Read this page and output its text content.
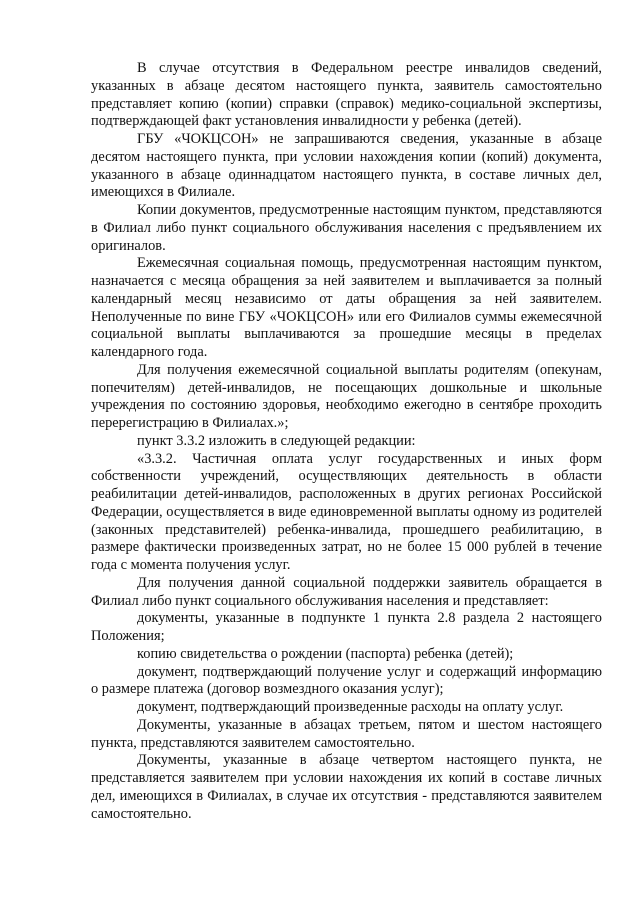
В случае отсутствия в Федеральном реестре инвалидов сведений, указанных в абзаце десятом настоящего пункта, заявитель самостоятельно представляет копию (копии) справки (справок) медико-социальной экспертизы, подтверждающей факт установления инвалидности у ребенка (детей).

ГБУ «ЧОКЦСОН» не запрашиваются сведения, указанные в абзаце десятом настоящего пункта, при условии нахождения копии (копий) документа, указанного в абзаце одиннадцатом настоящего пункта, в составе личных дел, имеющихся в Филиале.

Копии документов, предусмотренные настоящим пунктом, представляются в Филиал либо пункт социального обслуживания населения с предъявлением их оригиналов.

Ежемесячная социальная помощь, предусмотренная настоящим пунктом, назначается с месяца обращения за ней заявителем и выплачивается за полный календарный месяц независимо от даты обращения за ней заявителем. Неполученные по вине ГБУ «ЧОКЦСОН» или его Филиалов суммы ежемесячной социальной выплаты выплачиваются за прошедшие месяцы в пределах календарного года.

Для получения ежемесячной социальной выплаты родителям (опекунам, попечителям) детей-инвалидов, не посещающих дошкольные и школьные учреждения по состоянию здоровья, необходимо ежегодно в сентябре проходить перерегистрацию в Филиалах.»;

пункт 3.3.2 изложить в следующей редакции:

«3.3.2. Частичная оплата услуг государственных и иных форм собственности учреждений, осуществляющих деятельность в области реабилитации детей-инвалидов, расположенных в других регионах Российской Федерации, осуществляется в виде единовременной выплаты одному из родителей (законных представителей) ребенка-инвалида, прошедшего реабилитацию, в размере фактически произведенных затрат, но не более 15 000 рублей в течение года с момента получения услуг.

Для получения данной социальной поддержки заявитель обращается в Филиал либо пункт социального обслуживания населения и представляет:

документы, указанные в подпункте 1 пункта 2.8 раздела 2 настоящего Положения;

копию свидетельства о рождении (паспорта) ребенка (детей);

документ, подтверждающий получение услуг и содержащий информацию о размере платежа (договор возмездного оказания услуг);

документ, подтверждающий произведенные расходы на оплату услуг.

Документы, указанные в абзацах третьем, пятом и шестом настоящего пункта, представляются заявителем самостоятельно.

Документы, указанные в абзаце четвертом настоящего пункта, не представляется заявителем при условии нахождения их копий в составе личных дел, имеющихся в Филиалах, в случае их отсутствия - представляются заявителем самостоятельно.
